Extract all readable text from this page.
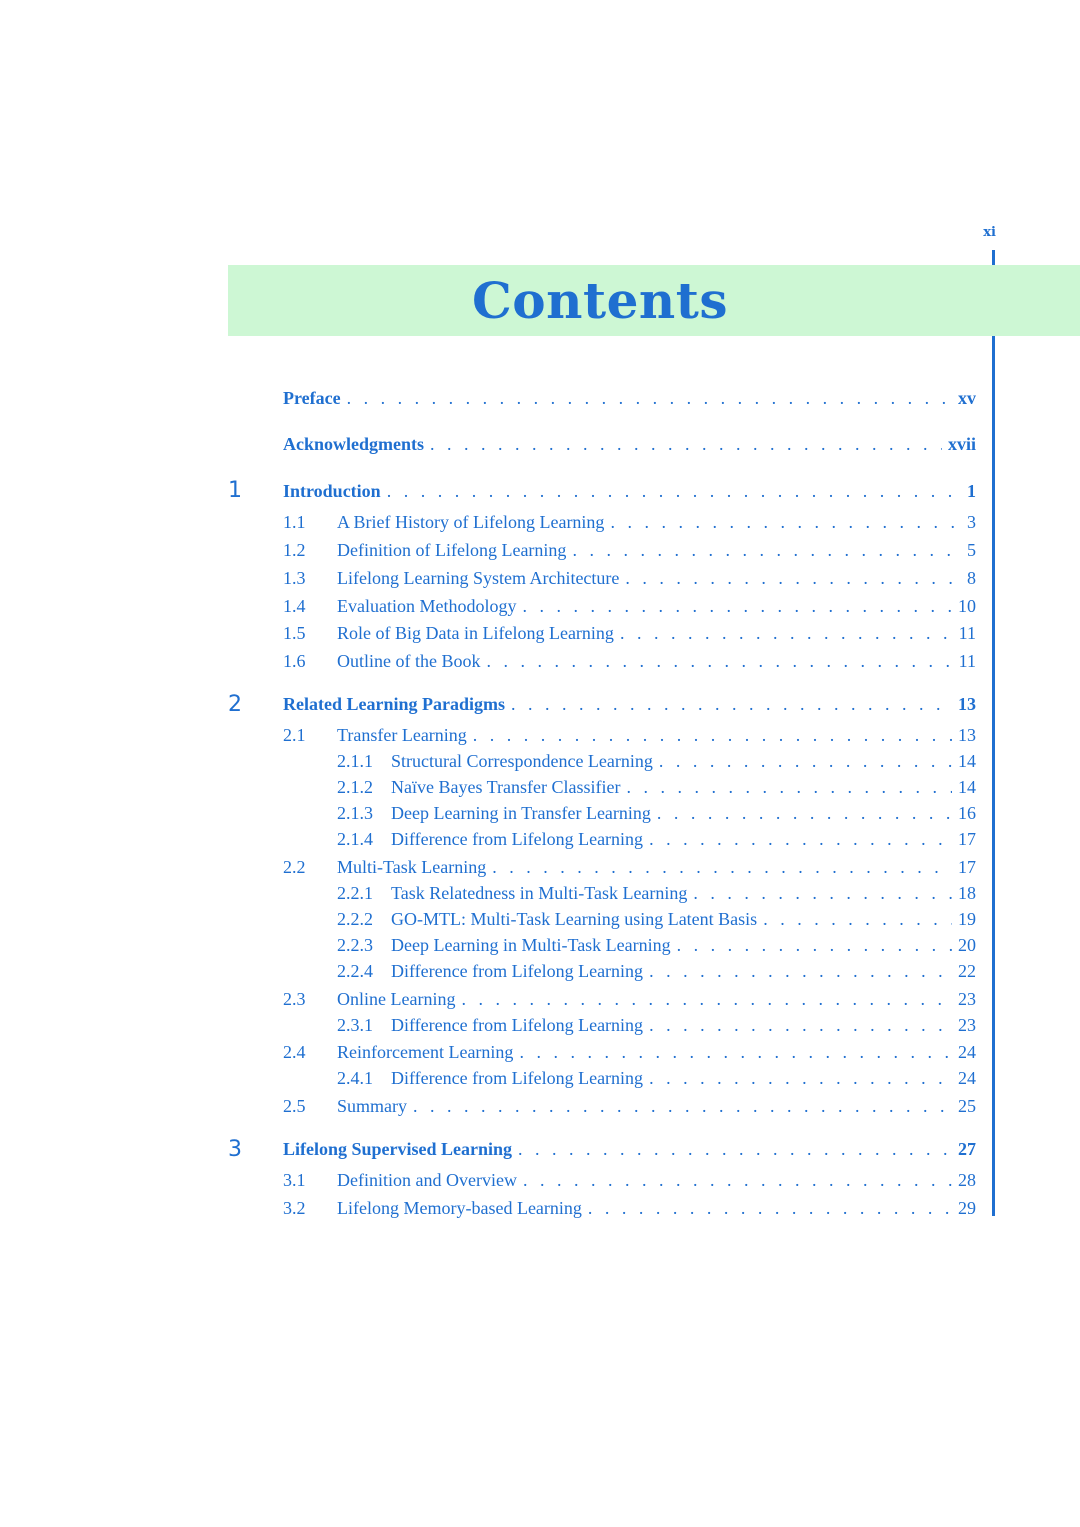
xi
Contents
Preface . . .	xv
Acknowledgments . . .	xvii
1 Introduction . . .	1
1.1	A Brief History of Lifelong Learning . . .	3
1.2	Definition of Lifelong Learning . . .	5
1.3	Lifelong Learning System Architecture . . .	8
1.4	Evaluation Methodology . . .	10
1.5	Role of Big Data in Lifelong Learning . . .	11
1.6	Outline of the Book . . .	11
2 Related Learning Paradigms . . .	13
2.1	Transfer Learning . . .	13
2.1.1	Structural Correspondence Learning . . .	14
2.1.2	Naïve Bayes Transfer Classifier . . .	14
2.1.3	Deep Learning in Transfer Learning . . .	16
2.1.4	Difference from Lifelong Learning . . .	17
2.2	Multi-Task Learning . . .	17
2.2.1	Task Relatedness in Multi-Task Learning . . .	18
2.2.2	GO-MTL: Multi-Task Learning using Latent Basis . . .	19
2.2.3	Deep Learning in Multi-Task Learning . . .	20
2.2.4	Difference from Lifelong Learning . . .	22
2.3	Online Learning . . .	23
2.3.1	Difference from Lifelong Learning . . .	23
2.4	Reinforcement Learning . . .	24
2.4.1	Difference from Lifelong Learning . . .	24
2.5	Summary . . .	25
3 Lifelong Supervised Learning . . .	27
3.1	Definition and Overview . . .	28
3.2	Lifelong Memory-based Learning . . .	29
